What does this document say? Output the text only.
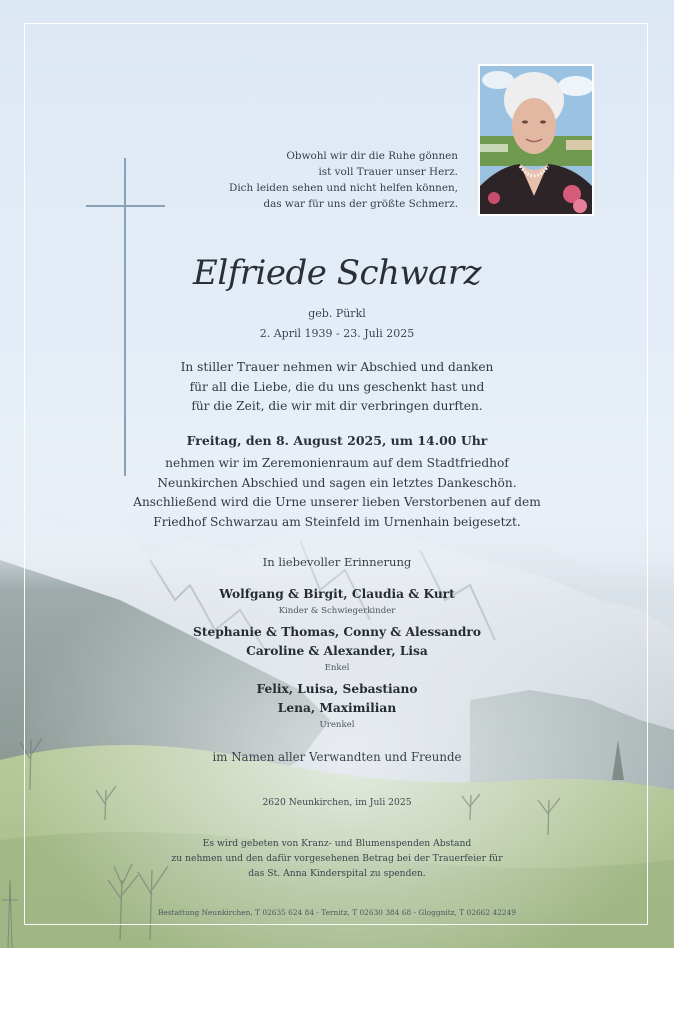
Obwohl wir dir die Ruhe gönnen
ist voll Trauer unser Herz.
Dich leiden sehen und nicht helfen können,
das war für uns der größte Schmerz.
Elfriede Schwarz
geb. Pürkl
2. April 1939 - 23. Juli 2025
In stiller Trauer nehmen wir Abschied und danken
für all die Liebe, die du uns geschenkt hast und
für die Zeit, die wir mit dir verbringen durften.
Freitag, den 8. August 2025, um 14.00 Uhr
nehmen wir im Zeremonienraum auf dem Stadtfriedhof
Neunkirchen Abschied und sagen ein letztes Dankeschön.
Anschließend wird die Urne unserer lieben Verstorbenen auf dem
Friedhof Schwarzau am Steinfeld im Urnenhain beigesetzt.
In liebevoller Erinnerung
Wolfgang & Birgit, Claudia & Kurt
Kinder & Schwiegerkinder
Stephanie & Thomas, Conny & Alessandro
Caroline & Alexander, Lisa
Enkel
Felix, Luisa, Sebastiano
Lena, Maximilian
Urenkel
im Namen aller Verwandten und Freunde
2620 Neunkirchen, im Juli 2025
Es wird gebeten von Kranz- und Blumenspenden Abstand
zu nehmen und den dafür vorgesehenen Betrag bei der Trauerfeier für
das St. Anna Kinderspital zu spenden.
Bestattung Neunkirchen, T 02635 624 84 - Ternitz, T 02630 384 68 - Gloggnitz, T 02662 42249
